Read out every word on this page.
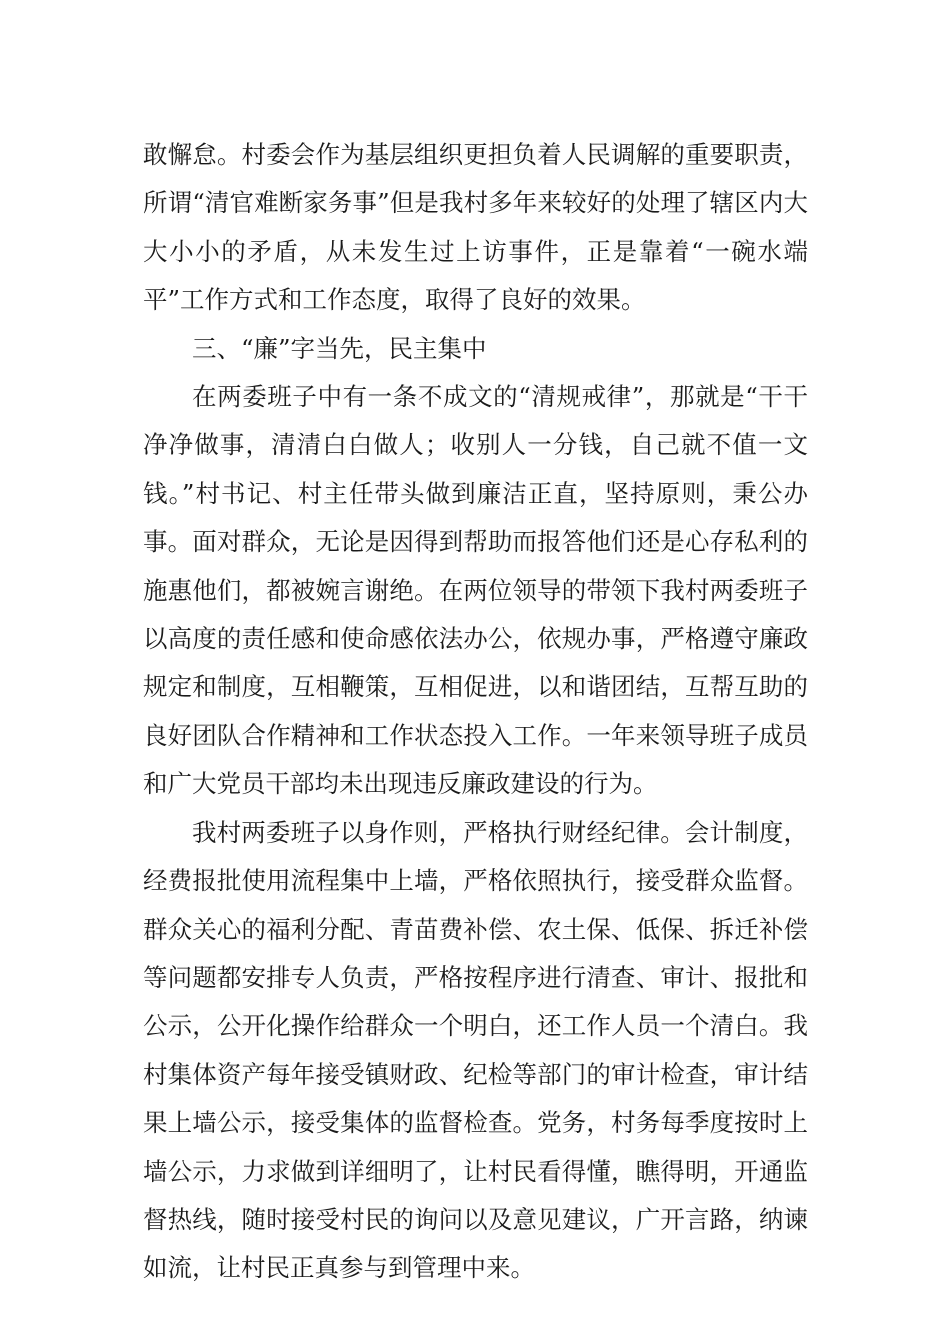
敢懈怠。村委会作为基层组织更担负着人民调解的重要职责，所谓“清官难断家务事”但是我村多年来较好的处理了辖区内大大小小的矛盾，从未发生过上访事件，正是靠着“一碗水端平”工作方式和工作态度，取得了良好的效果。

三、“廉”字当先，民主集中

在两委班子中有一条不成文的“清规戒律”，那就是“干干净净做事，清清白白做人；收别人一分钱，自己就不值一文钱。”村书记、村主任带头做到廉洁正直，坚持原则，秉公办事。面对群众，无论是因得到帮助而报答他们还是心存私利的施惠他们，都被婉言谢绝。在两位领导的带领下我村两委班子以高度的责任感和使命感依法办公，依规办事，严格遵守廉政规定和制度，互相鞭策，互相促进，以和谐团结，互帮互助的良好团队合作精神和工作状态投入工作。一年来领导班子成员和广大党员干部均未出现违反廉政建设的行为。

我村两委班子以身作则，严格执行财经纪律。会计制度，经费报批使用流程集中上墙，严格依照执行，接受群众监督。群众关心的福利分配、青苗费补偿、农土保、低保、拆迁补偿等问题都安排专人负责，严格按程序进行清查、审计、报批和公示，公开化操作给群众一个明白，还工作人员一个清白。我村集体资产每年接受镇财政、纪检等部门的审计检查，审计结果上墙公示，接受集体的监督检查。党务，村务每季度按时上墙公示，力求做到详细明了，让村民看得懂，瞧得明，开通监督热线，随时接受村民的询问以及意见建议，广开言路，纳谏如流，让村民正真参与到管理中来。
